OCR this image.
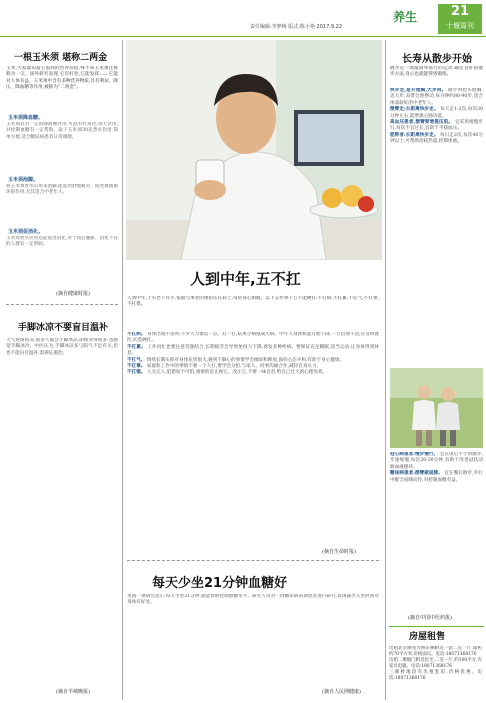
养生	21
十堰周刊
责任编辑:李梦梅 版式:陈小艳 2017.9.22
一根玉米须 堪称二两金
玉米,大家都知道它很高的营养价值,殊不知玉米须还被称为一宝。国外研究发现,它有好处,它能发挥……它能对人体有益。玉米须中含有多种营养物质,具有利尿、降压、降血糖等作用,被称为"二两金"。
玉米须降血糖。
玉米须具有一定的降血糖作用,可泡水代茶饮,每天饮用,对控制血糖有一定帮助。取干玉米须30克煮水饮用,简单方便,适合糖尿病患者日常调理。
玉米须泡脚。
将玉米须煮水后用来泡脚,能起到舒缓疲劳、促进血液循环的作用,尤其适合中老年人。
玉米须促消化。
玉米须煮水饮用还能促进消化,对于饭后腹胀、消化不良的人群有一定帮助。
(摘自健康时报)
手脚冰凉不要盲目温补
天气逐渐转凉,很多人都会手脚冰凉,即使穿得很多,也感觉手脚冰冷。中医认为,手脚冰凉多与阳气不足有关,但也不能盲目温补,需辨证施治。
(摘自羊城晚报)
人到中年,五不扛
人到中年,上有老下有小,家庭与事业的重担压在肩上,常常身心俱疲。以下五件事千万不能硬扛:不扛病,不扛累,不扛气,不扛事,不扛错。
不扛病。 身体出现不适时,不少人习惯忍一忍、扛一扛,结果小病拖成大病。中年人身体机能开始下降,一旦出现不适,应及时就医,切莫硬扛。
不扛累。 工作再忙也要注意劳逸结合,长期疲劳会导致免疫力下降,诱发多种疾病。要保证充足睡眠,适当运动,让身体得到休息。
不扛气。 情绪长期压抑对身体危害很大,遇到不顺心的事要学会倾诉和释放,保持心态平和,有助于身心健康。
不扛事。 家庭和工作中的事情不要一个人扛,要学会分担,与家人、同事沟通合作,减轻自身压力。
不扛错。 人无完人,犯错误不可怕,重要的是正视它、改正它,不要一味自责,给自己过大的心理负担。
(摘自生命时报)
每天少坐21分钟血糖好
英国一项研究显示,每天少坐21分钟,就能帮助控制血糖水平。研究人员对一批糖尿病前期患者进行研究,发现减少久坐时间对身体有好处。
(摘自人民网健康)
长寿从散步开始
散步是一项最简单易行的运动,确定良好的散步方法,身心也就能得到锻炼。
快步走,是开始胸,大步再。 散步时抬头挺胸,迈大步,双臂自然摆动,每分钟约80-90步,适合体质较好的中老年人。
摆臂走;长距离快步走。 每天走1-2次,每次30分钟左右,能增强心肺功能。
高血压患者,摆臂要增提压肌。 宜采用缓慢步行,每次不宜过长,有助于平稳血压。
肥胖者:长距离快步走。 每日走2次,每次40分钟以上,可帮助消耗热量,控制体重。
冠心病患者:慢步慢行。 宜在饭后半小时散步,步速缓慢,每次20-30分钟,有助于改善冠状动脉血液循环。
糖尿病患者:摆臂做屈膝。 宜在餐后散步,步行中配合屈膝动作,对控制血糖有益。
(摘自中国中医药报)
房屋租售
出租北京路星光桥东侧附近一套二室一厅,面积约70平方米,价格面议。电话:18071368176
出租二堰地门附近民宅,二室一厅,约100平方,有家具电器。电话:18071368176
三堰桥地段有出租套房,价格优惠。电话:18071368176
